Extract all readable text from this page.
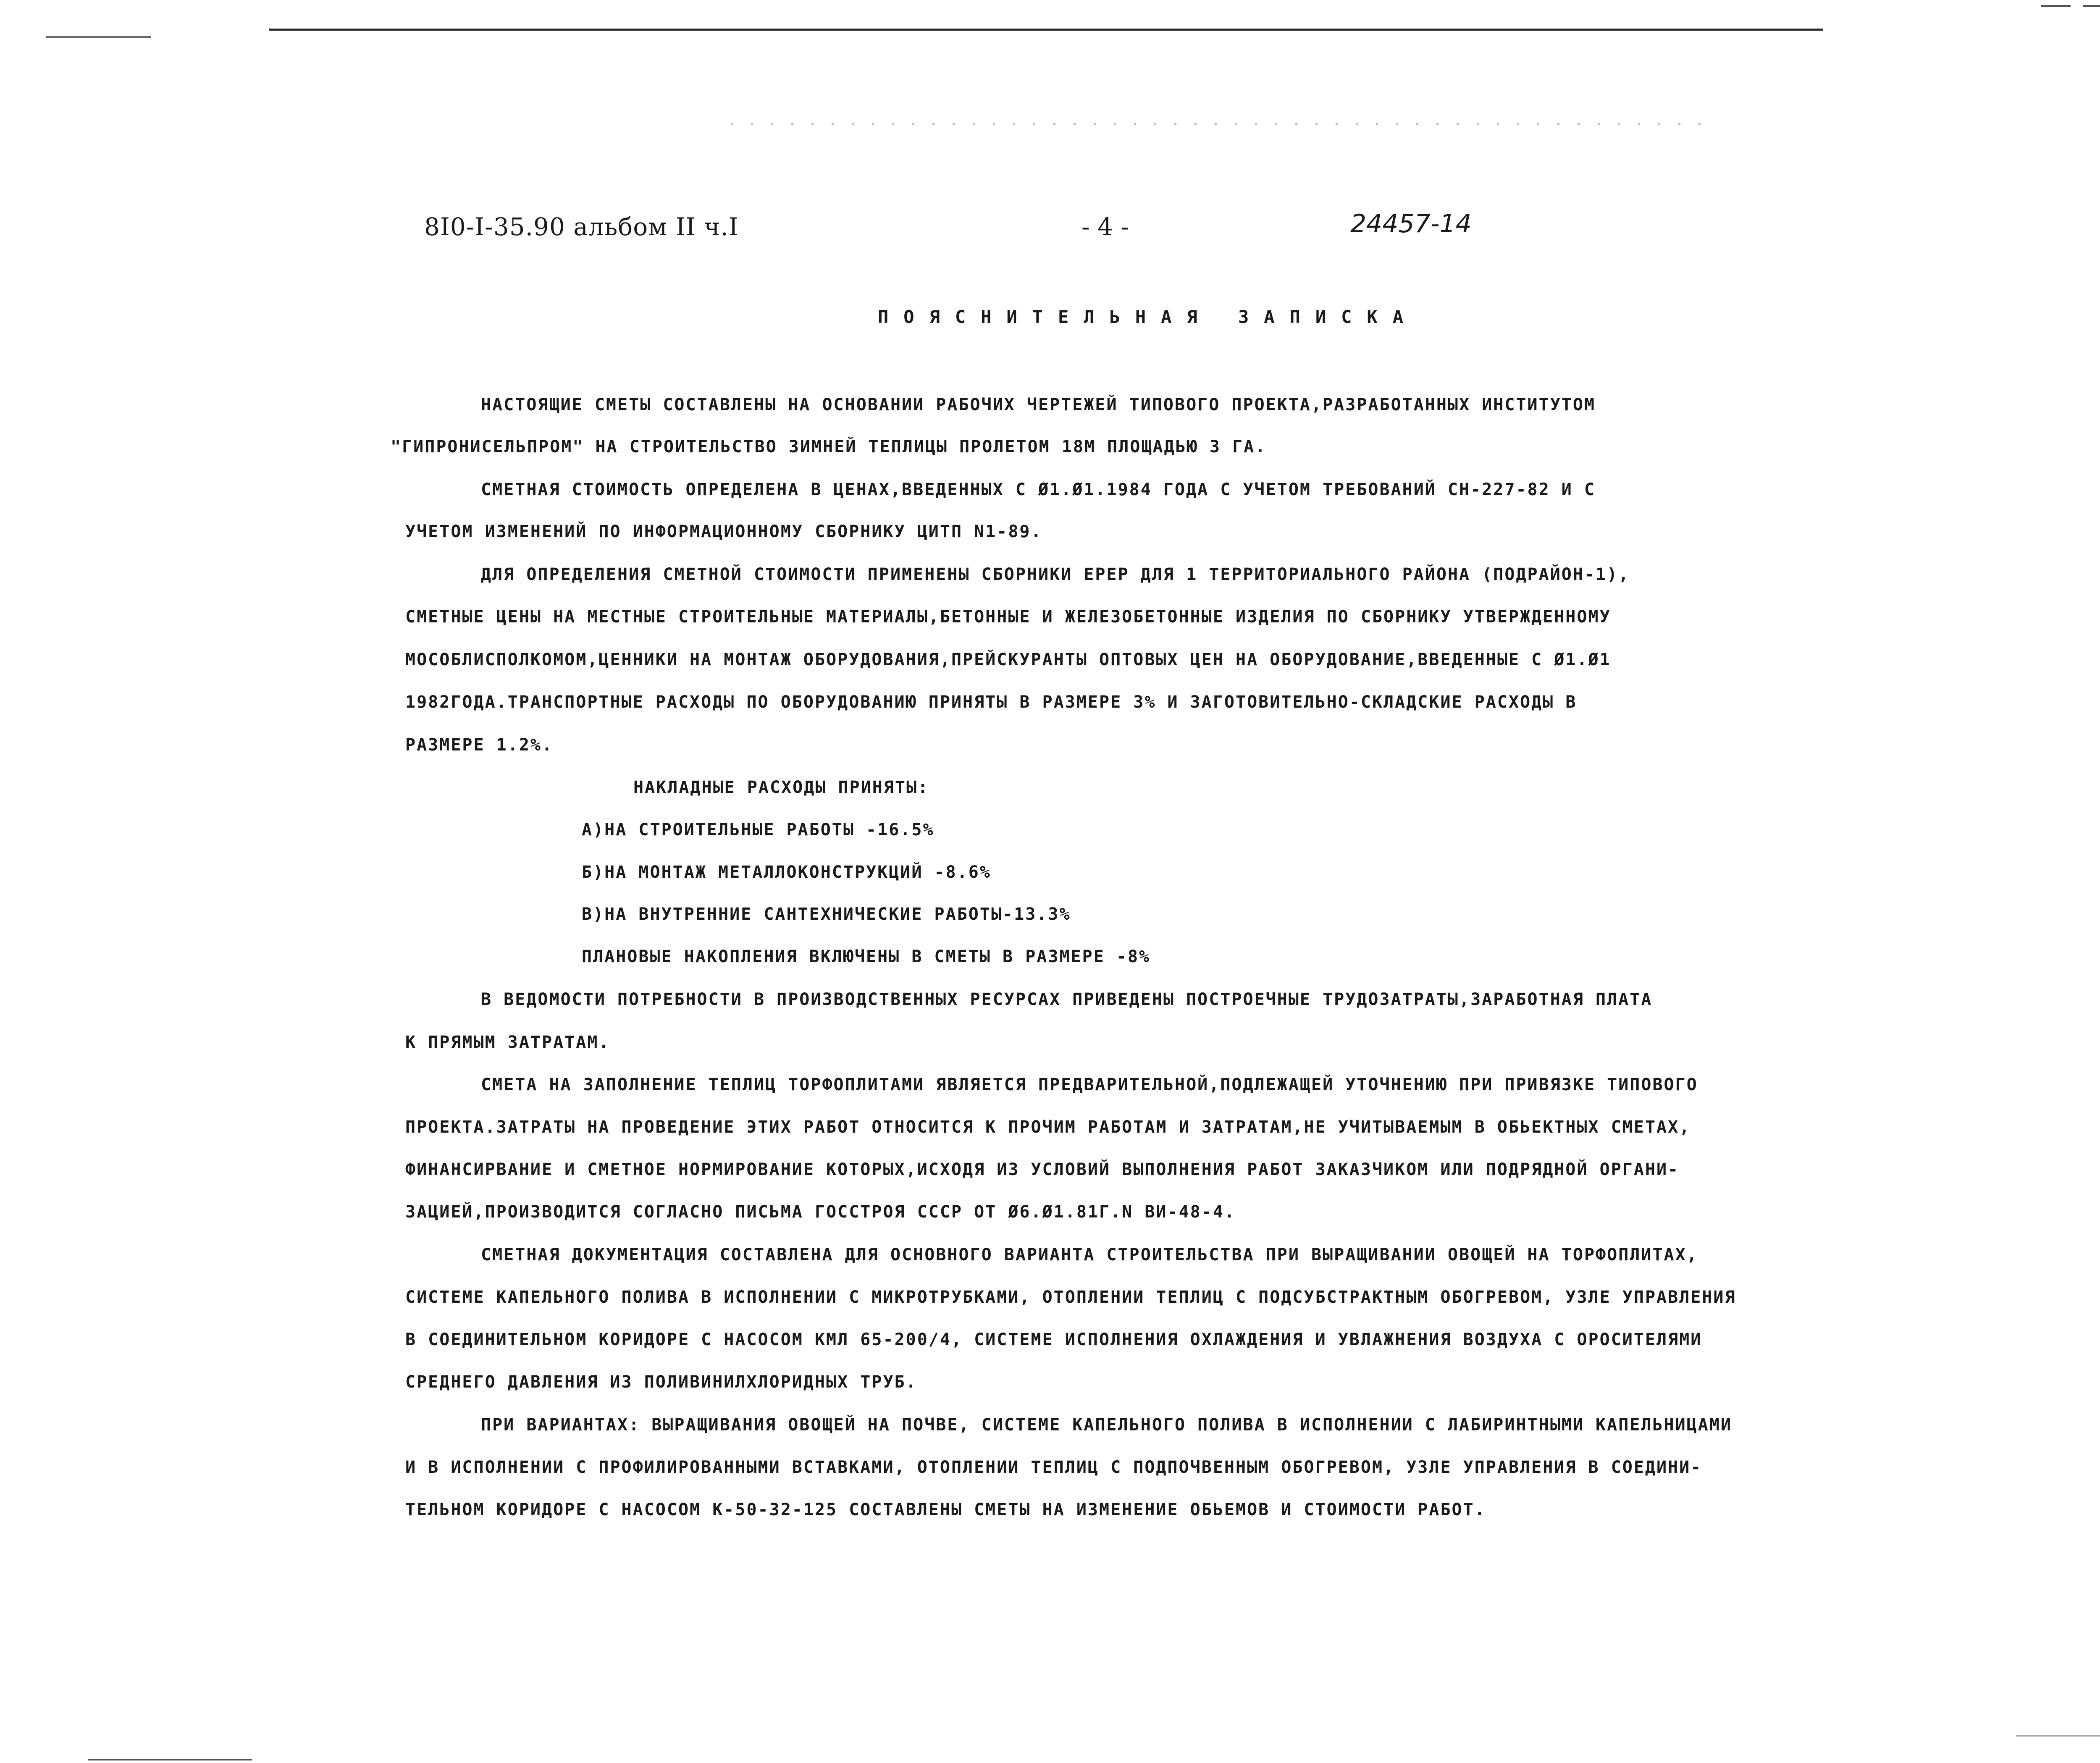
8I0-I-35.90 альбом II ч.I	- 4 -	24457-14
ПОЯСНИТЕЛЬНАЯ ЗАПИСКА
НАСТОЯЩИЕ СМЕТЫ СОСТАВЛЕНЫ НА ОСНОВАНИИ РАБОЧИХ ЧЕРТЕЖЕЙ ТИПОВОГО ПРОЕКТА,РАЗРАБОТАННЫХ ИНСТИТУТОМ
"ГИПРОНИСЕЛЬПРОМ" НА СТРОИТЕЛЬСТВО ЗИМНЕЙ ТЕПЛИЦЫ ПРОЛЕТОМ 18М ПЛОЩАДЬЮ 3 ГА.
СМЕТНАЯ СТОИМОСТЬ ОПРЕДЕЛЕНА В ЦЕНАХ,ВВЕДЕННЫХ С Ø1.Ø1.1984 ГОДА С УЧЕТОМ ТРЕБОВАНИЙ СН-227-82 И С
УЧЕТОМ ИЗМЕНЕНИЙ ПО ИНФОРМАЦИОННОМУ СБОРНИКУ ЦИТП N1-89.
ДЛЯ ОПРЕДЕЛЕНИЯ СМЕТНОЙ СТОИМОСТИ ПРИМЕНЕНЫ СБОРНИКИ ЕРЕР ДЛЯ 1 ТЕРРИТОРИАЛЬНОГО РАЙОНА (ПОДРАЙОН-1),
СМЕТНЫЕ ЦЕНЫ НА МЕСТНЫЕ СТРОИТЕЛЬНЫЕ МАТЕРИАЛЫ,БЕТОННЫЕ И ЖЕЛЕЗОБЕТОННЫЕ ИЗДЕЛИЯ ПО СБОРНИКУ УТВЕРЖДЕННОМУ
МОСОБЛИСПОЛКОМОМ,ЦЕННИКИ НА МОНТАЖ ОБОРУДОВАНИЯ,ПРЕЙСКУРАНТЫ ОПТОВЫХ ЦЕН НА ОБОРУДОВАНИЕ,ВВЕДЕННЫЕ С Ø1.Ø1
1982ГОДА.ТРАНСПОРТНЫЕ РАСХОДЫ ПО ОБОРУДОВАНИЮ ПРИНЯТЫ В РАЗМЕРЕ 3% И ЗАГОТОВИТЕЛЬНО-СКЛАДСКИЕ РАСХОДЫ В
РАЗМЕРЕ 1.2%.
НАКЛАДНЫЕ РАСХОДЫ ПРИНЯТЫ:
А)НА СТРОИТЕЛЬНЫЕ РАБОТЫ -16.5%
Б)НА МОНТАЖ МЕТАЛЛОКОНСТРУКЦИЙ -8.6%
В)НА ВНУТРЕННИЕ САНТЕХНИЧЕСКИЕ РАБОТЫ-13.3%
ПЛАНОВЫЕ НАКОПЛЕНИЯ ВКЛЮЧЕНЫ В СМЕТЫ В РАЗМЕРЕ -8%
В ВЕДОМОСТИ ПОТРЕБНОСТИ В ПРОИЗВОДСТВЕННЫХ РЕСУРСАХ ПРИВЕДЕНЫ ПОСТРОЕЧНЫЕ ТРУДОЗАТРАТЫ,ЗАРАБОТНАЯ ПЛАТА
К ПРЯМЫМ ЗАТРАТАМ.
СМЕТА НА ЗАПОЛНЕНИЕ ТЕПЛИЦ ТОРФОПЛИТАМИ ЯВЛЯЕТСЯ ПРЕДВАРИТЕЛЬНОЙ,ПОДЛЕЖАЩЕЙ УТОЧНЕНИЮ ПРИ ПРИВЯЗКЕ ТИПОВОГО
ПРОЕКТА.ЗАТРАТЫ НА ПРОВЕДЕНИЕ ЭТИХ РАБОТ ОТНОСИТСЯ К ПРОЧИМ РАБОТАМ И ЗАТРАТАМ,НЕ УЧИТЫВАЕМЫМ В ОБЬЕКТНЫХ СМЕТАХ,
ФИНАНСИРВАНИЕ И СМЕТНОЕ НОРМИРОВАНИЕ КОТОРЫХ,ИСХОДЯ ИЗ УСЛОВИЙ ВЫПОЛНЕНИЯ РАБОТ ЗАКАЗЧИКОМ ИЛИ ПОДРЯДНОЙ ОРГАНИ-
ЗАЦИЕЙ,ПРОИЗВОДИТСЯ СОГЛАСНО ПИСЬМА ГОССТРОЯ СССР ОТ Ø6.Ø1.81Г.N ВИ-48-4.
СМЕТНАЯ ДОКУМЕНТАЦИЯ СОСТАВЛЕНА ДЛЯ ОСНОВНОГО ВАРИАНТА СТРОИТЕЛЬСТВА ПРИ ВЫРАЩИВАНИИ ОВОЩЕЙ НА ТОРФОПЛИТАХ,
СИСТЕМЕ КАПЕЛЬНОГО ПОЛИВА В ИСПОЛНЕНИИ С МИКРОТРУБКАМИ, ОТОПЛЕНИИ ТЕПЛИЦ С ПОДСУБСТРАКТНЫМ ОБОГРЕВОМ, УЗЛЕ УПРАВЛЕНИЯ
В СОЕДИНИТЕЛЬНОМ КОРИДОРЕ С НАСОСОМ КМЛ 65-200/4, СИСТЕМЕ ИСПОЛНЕНИЯ ОХЛАЖДЕНИЯ И УВЛАЖНЕНИЯ ВОЗДУХА С ОРОСИТЕЛЯМИ
СРЕДНЕГО ДАВЛЕНИЯ ИЗ ПОЛИВИНИЛХЛОРИДНЫХ ТРУБ.
ПРИ ВАРИАНТАХ: ВЫРАЩИВАНИЯ ОВОЩЕЙ НА ПОЧВЕ, СИСТЕМЕ КАПЕЛЬНОГО ПОЛИВА В ИСПОЛНЕНИИ С ЛАБИРИНТНЫМИ КАПЕЛЬНИЦАМИ
И В ИСПОЛНЕНИИ С ПРОФИЛИРОВАННЫМИ ВСТАВКАМИ, ОТОПЛЕНИИ ТЕПЛИЦ С ПОДПОЧВЕННЫМ ОБОГРЕВОМ, УЗЛЕ УПРАВЛЕНИЯ В СОЕДИНИ-
ТЕЛЬНОМ КОРИДОРЕ С НАСОСОМ К-50-32-125 СОСТАВЛЕНЫ СМЕТЫ НА ИЗМЕНЕНИЕ ОБЬЕМОВ И СТОИМОСТИ РАБОТ.
